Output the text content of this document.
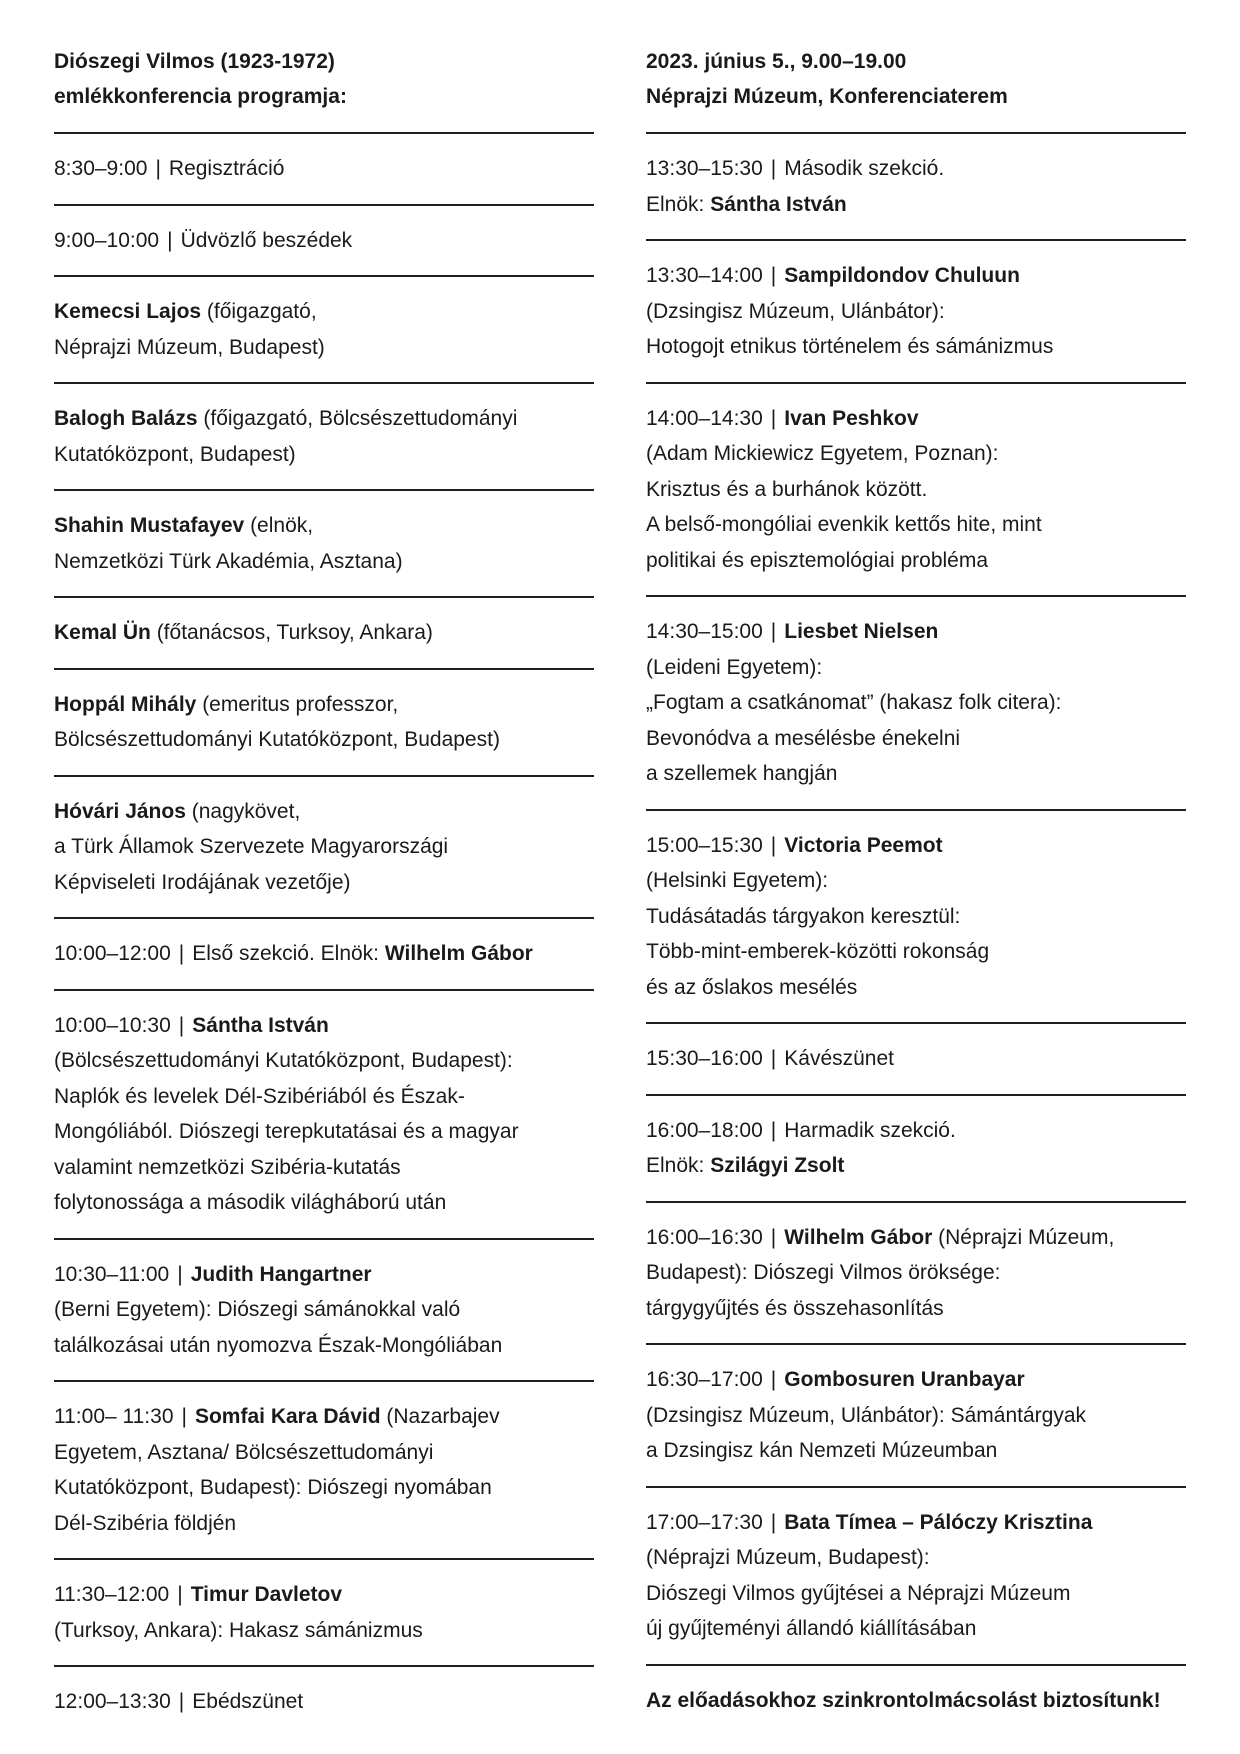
Diószegi Vilmos (1923-1972)
emlékkonferencia programja:
8:30–9:00 | Regisztráció
9:00–10:00 | Üdvözlő beszédek
Kemecsi Lajos (főigazgató,
Néprajzi Múzeum, Budapest)
Balogh Balázs (főigazgató, Bölcsészettudományi
Kutatóközpont, Budapest)
Shahin Mustafayev (elnök,
Nemzetközi Türk Akadémia, Asztana)
Kemal Ün (főtanácsos, Turksoy, Ankara)
Hoppál Mihály (emeritus professzor,
Bölcsészettudományi Kutatóközpont, Budapest)
Hóvári János (nagykövet,
a Türk Államok Szervezete Magyarországi
Képviseleti Irodájának vezetője)
10:00–12:00 | Első szekció. Elnök: Wilhelm Gábor
10:00–10:30 | Sántha István
(Bölcsészettudományi Kutatóközpont, Budapest):
Naplók és levelek Dél-Szibériából és Észak-
Mongóliából. Diószegi terepkutatásai és a magyar
valamint nemzetközi Szibéria-kutatás
folytonossága a második világháború után
10:30–11:00 | Judith Hangartner
(Berni Egyetem): Diószegi sámánokkal való
találkozásai után nyomozva Észak-Mongóliában
11:00– 11:30 | Somfai Kara Dávid (Nazarbajev
Egyetem, Asztana/ Bölcsészettudományi
Kutatóközpont, Budapest): Diószegi nyomában
Dél-Szibéria földjén
11:30–12:00 | Timur Davletov
(Turksoy, Ankara): Hakasz sámánizmus
12:00–13:30 | Ebédszünet
2023. június 5., 9.00–19.00
Néprajzi Múzeum, Konferenciaterem
13:30–15:30 | Második szekció.
Elnök: Sántha István
13:30–14:00 | Sampildondov Chuluun
(Dzsingisz Múzeum, Ulánbátor):
Hotogojt etnikus történelem és sámánizmus
14:00–14:30 | Ivan Peshkov
(Adam Mickiewicz Egyetem, Poznan):
Krisztus és a burhánok között.
A belső-mongóliai evenkik kettős hite, mint
politikai és episztemológiai probléma
14:30–15:00 | Liesbet Nielsen
(Leideni Egyetem):
„Fogtam a csatkánomat” (hakasz folk citera):
Bevonódva a mesélésbe énekelni
a szellemek hangján
15:00–15:30 | Victoria Peemot
(Helsinki Egyetem):
Tudásátadás tárgyakon keresztül:
Több-mint-emberek-közötti rokonság
és az őslakos mesélés
15:30–16:00 | Kávészünet
16:00–18:00 | Harmadik szekció.
Elnök: Szilágyi Zsolt
16:00–16:30 | Wilhelm Gábor (Néprajzi Múzeum,
Budapest): Diószegi Vilmos öröksége:
tárgygyűjtés és összehasonlítás
16:30–17:00 | Gombosuren Uranbayar
(Dzsingisz Múzeum, Ulánbátor): Sámántárgyak
a Dzsingisz kán Nemzeti Múzeumban
17:00–17:30 | Bata Tímea – Pálóczy Krisztina
(Néprajzi Múzeum, Budapest):
Diószegi Vilmos gyűjtései a Néprajzi Múzeum
új gyűjteményi állandó kiállításában
Az előadásokhoz szinkrontolmácsolást biztosítunk!
